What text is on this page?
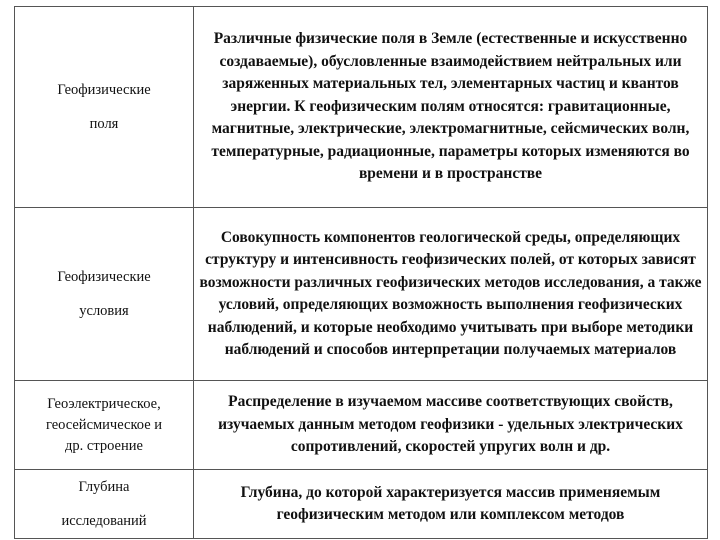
Геофизические
поля	Различные физические поля в Земле (естественные и искусственно создаваемые), обусловленные взаимодействием нейтральных или заряженных материальных тел, элементарных частиц и квантов энергии. К геофизическим полям относятся: гравитационные, магнитные, электрические, электромагнитные, сейсмических волн, температурные, радиационные, параметры которых изменяются во времени и в пространстве

Геофизические
условия	Совокупность компонентов геологической среды, определяющих структуру и интенсивность геофизических полей, от которых зависят возможности различных геофизических методов исследования, а также условий, определяющих возможность выполнения геофизических наблюдений, и которые необходимо учитывать при выборе методики наблюдений и способов интерпретации получаемых материалов

Геоэлектрическое,
геосейсмическое и
др. строение	Распределение в изучаемом массиве соответствующих свойств, изучаемых данным методом геофизики - удельных электрических сопротивлений, скоростей упругих волн и др.

Глубина
исследований	Глубина, до которой характеризуется массив применяемым геофизическим методом или комплексом методов
